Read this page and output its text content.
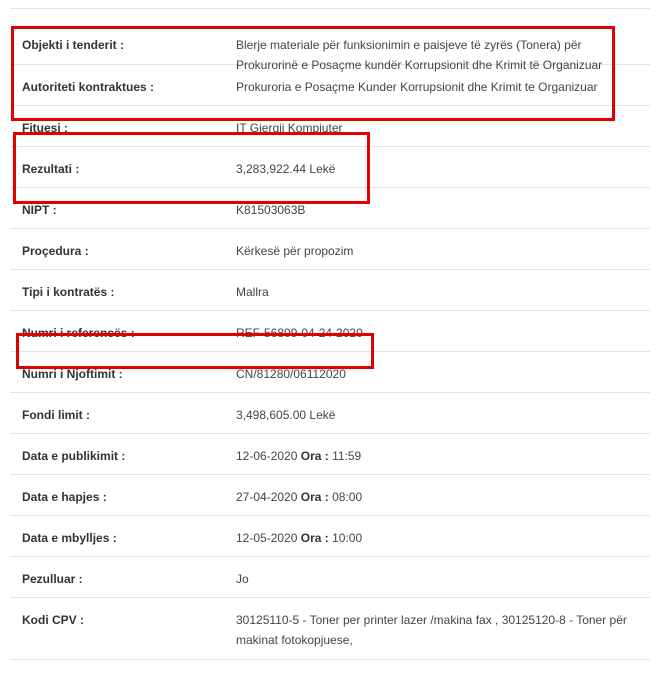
Objekti i tenderit :	Blerje materiale për funksionimin e paisjeve të zyrës (Tonera) për Prokurorinë e Posaçme kundër Korrupsionit dhe Krimit të Organizuar
Autoriteti kontraktues :	Prokuroria e Posaçme Kunder Korrupsionit dhe Krimit te Organizuar
Fituesi :	IT Gjergji Kompjuter
Rezultati :	3,283,922.44 Lekë
NIPT :	K81503063B
Proçedura :	Kërkesë për propozim
Tipi i kontratës :	Mallra
Numri i referencës :	REF-56809-04-24-2020
Numri i Njoftimit :	CN/81280/06112020
Fondi limit :	3,498,605.00 Lekë
Data e publikimit :	12-06-2020 Ora : 11:59
Data e hapjes :	27-04-2020 Ora : 08:00
Data e mbylljes :	12-05-2020 Ora : 10:00
Pezulluar :	Jo
Kodi CPV :	30125110-5 - Toner per printer lazer /makina fax , 30125120-8 - Toner për makinat fotokopjuese,
